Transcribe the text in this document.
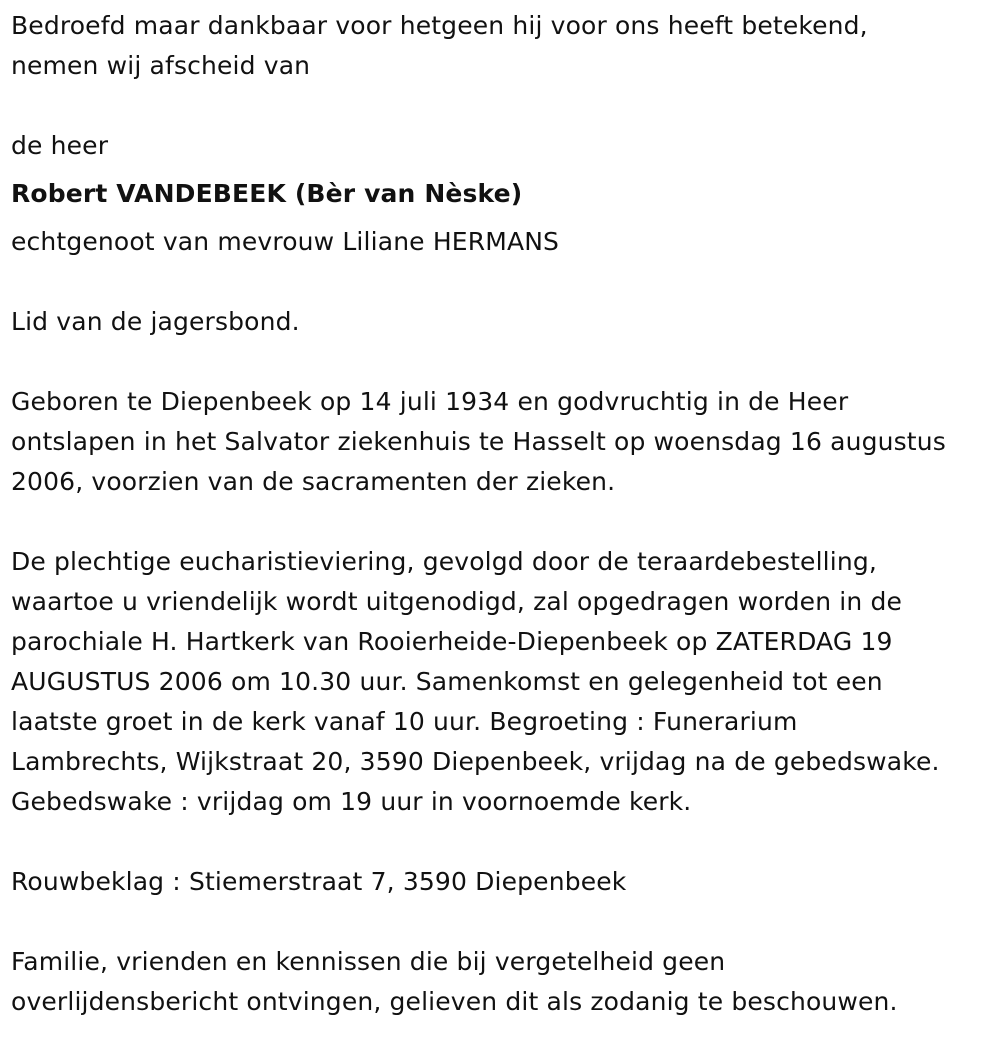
Bedroefd maar dankbaar voor hetgeen hij voor ons heeft betekend,
nemen wij afscheid van
de heer
Robert VANDEBEEK (Bèr van Nèske)
echtgenoot van mevrouw Liliane HERMANS
Lid van de jagersbond.
Geboren te Diepenbeek op 14 juli 1934 en godvruchtig in de Heer
ontslapen in het Salvator ziekenhuis te Hasselt op woensdag 16 augustus
2006, voorzien van de sacramenten der zieken.
De plechtige eucharistieviering, gevolgd door de teraardebestelling,
waartoe u vriendelijk wordt uitgenodigd, zal opgedragen worden in de
parochiale H. Hartkerk van Rooierheide-Diepenbeek op ZATERDAG 19
AUGUSTUS 2006 om 10.30 uur. Samenkomst en gelegenheid tot een
laatste groet in de kerk vanaf 10 uur. Begroeting : Funerarium
Lambrechts, Wijkstraat 20, 3590 Diepenbeek, vrijdag na de gebedswake.
Gebedswake : vrijdag om 19 uur in voornoemde kerk.
Rouwbeklag : Stiemerstraat 7, 3590 Diepenbeek
Familie, vrienden en kennissen die bij vergetelheid geen
overlijdensbericht ontvingen, gelieven dit als zodanig te beschouwen.
